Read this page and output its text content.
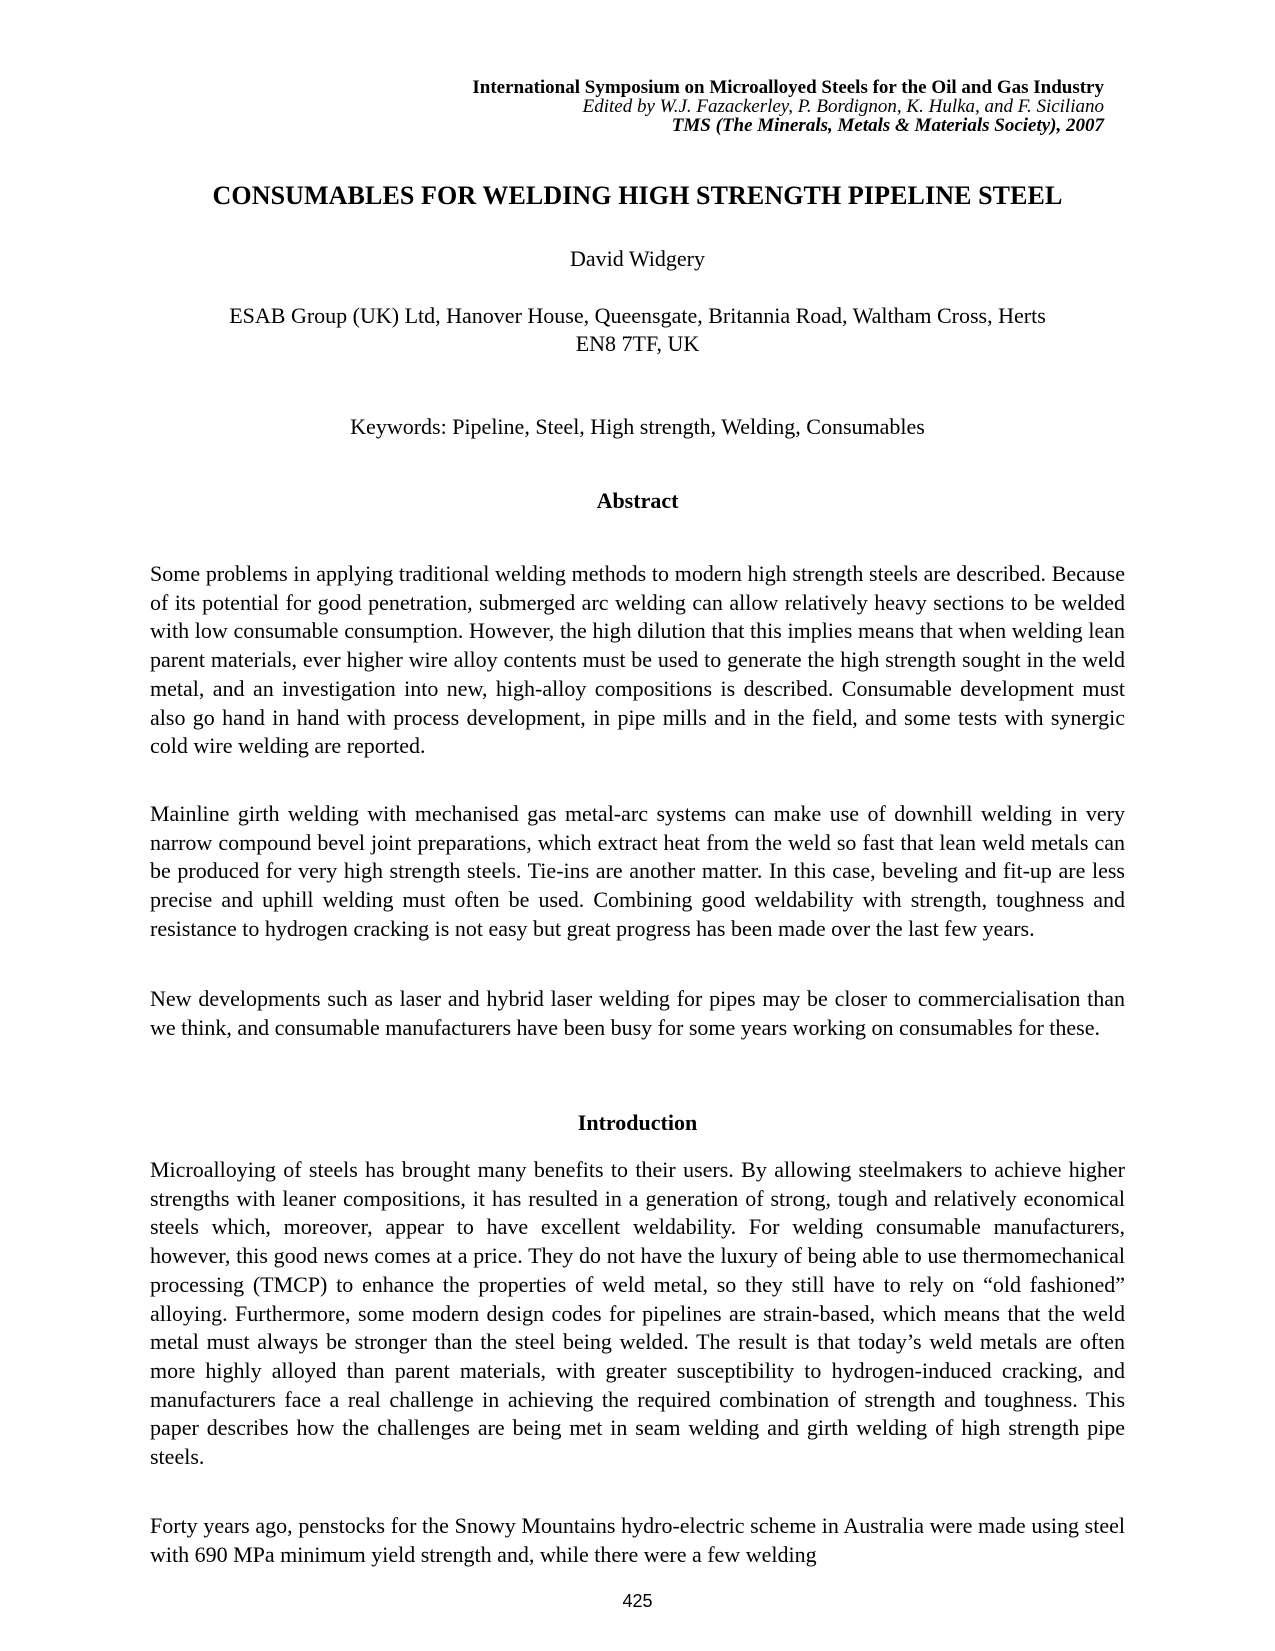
International Symposium on Microalloyed Steels for the Oil and Gas Industry
Edited by W.J. Fazackerley, P. Bordignon, K. Hulka, and F. Siciliano
TMS (The Minerals, Metals & Materials Society), 2007
CONSUMABLES FOR WELDING HIGH STRENGTH PIPELINE STEEL
David Widgery
ESAB Group (UK) Ltd, Hanover House, Queensgate, Britannia Road, Waltham Cross, Herts
EN8 7TF, UK
Keywords: Pipeline, Steel, High strength, Welding, Consumables
Abstract

Some problems in applying traditional welding methods to modern high strength steels are described. Because of its potential for good penetration, submerged arc welding can allow relatively heavy sections to be welded with low consumable consumption. However, the high dilution that this implies means that when welding lean parent materials, ever higher wire alloy contents must be used to generate the high strength sought in the weld metal, and an investigation into new, high-alloy compositions is described. Consumable development must also go hand in hand with process development, in pipe mills and in the field, and some tests with synergic cold wire welding are reported.

Mainline girth welding with mechanised gas metal-arc systems can make use of downhill welding in very narrow compound bevel joint preparations, which extract heat from the weld so fast that lean weld metals can be produced for very high strength steels. Tie-ins are another matter. In this case, beveling and fit-up are less precise and uphill welding must often be used. Combining good weldability with strength, toughness and resistance to hydrogen cracking is not easy but great progress has been made over the last few years.

New developments such as laser and hybrid laser welding for pipes may be closer to commercialisation than we think, and consumable manufacturers have been busy for some years working on consumables for these.

Introduction

Microalloying of steels has brought many benefits to their users. By allowing steelmakers to achieve higher strengths with leaner compositions, it has resulted in a generation of strong, tough and relatively economical steels which, moreover, appear to have excellent weldability. For welding consumable manufacturers, however, this good news comes at a price. They do not have the luxury of being able to use thermomechanical processing (TMCP) to enhance the properties of weld metal, so they still have to rely on “old fashioned” alloying. Furthermore, some modern design codes for pipelines are strain-based, which means that the weld metal must always be stronger than the steel being welded. The result is that today’s weld metals are often more highly alloyed than parent materials, with greater susceptibility to hydrogen-induced cracking, and manufacturers face a real challenge in achieving the required combination of strength and toughness. This paper describes how the challenges are being met in seam welding and girth welding of high strength pipe steels.

Forty years ago, penstocks for the Snowy Mountains hydro-electric scheme in Australia were made using steel with 690 MPa minimum yield strength and, while there were a few welding

425
